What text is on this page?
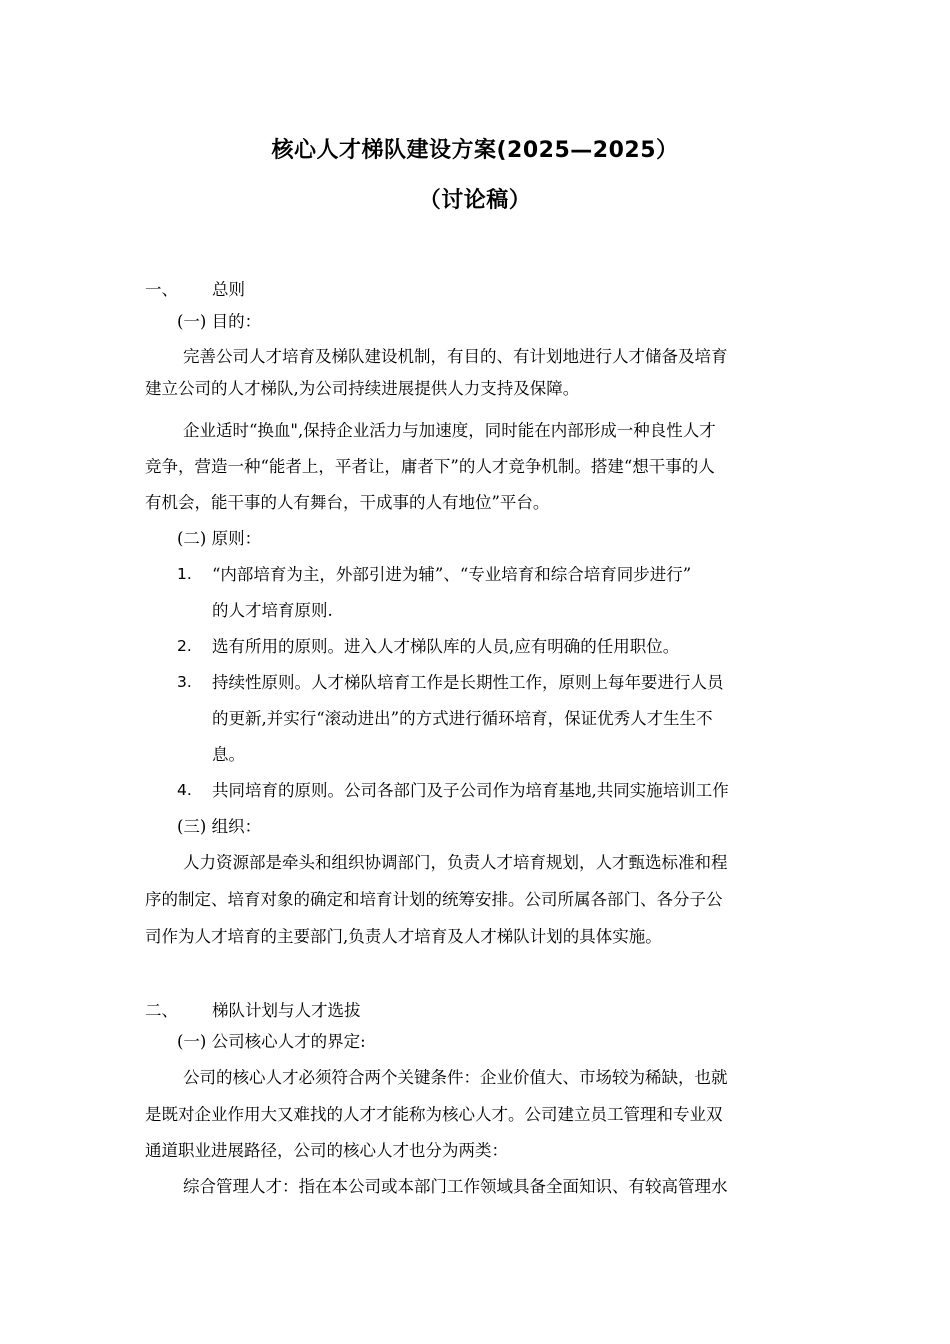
核心人才梯队建设方案(2025—2025）
（讨论稿）
一、 总则
(一) 目的：
完善公司人才培育及梯队建设机制，有目的、有计划地进行人才储备及培育
建立公司的人才梯队,为公司持续进展提供人力支持及保障。
企业适时“换血",保持企业活力与加速度，同时能在内部形成一种良性人才
竞争，营造一种“能者上，平者让，庸者下”的人才竞争机制。搭建“想干事的人
有机会，能干事的人有舞台，干成事的人有地位”平台。
(二) 原则：
1. “内部培育为主，外部引进为辅”、“专业培育和综合培育同步进行”
的人才培育原则.
2. 选有所用的原则。进入人才梯队库的人员,应有明确的任用职位。
3. 持续性原则。人才梯队培育工作是长期性工作，原则上每年要进行人员
的更新,并实行“滚动进出”的方式进行循环培育，保证优秀人才生生不
息。
4. 共同培育的原则。公司各部门及子公司作为培育基地,共同实施培训工作
(三) 组织：
人力资源部是牵头和组织协调部门，负责人才培育规划，人才甄选标准和程
序的制定、培育对象的确定和培育计划的统筹安排。公司所属各部门、各分子公
司作为人才培育的主要部门,负责人才培育及人才梯队计划的具体实施。
二、 梯队计划与人才选拔
(一) 公司核心人才的界定:
公司的核心人才必须符合两个关键条件：企业价值大、市场较为稀缺，也就
是既对企业作用大又难找的人才才能称为核心人才。公司建立员工管理和专业双
通道职业进展路径，公司的核心人才也分为两类：
综合管理人才：指在本公司或本部门工作领域具备全面知识、有较高管理水
